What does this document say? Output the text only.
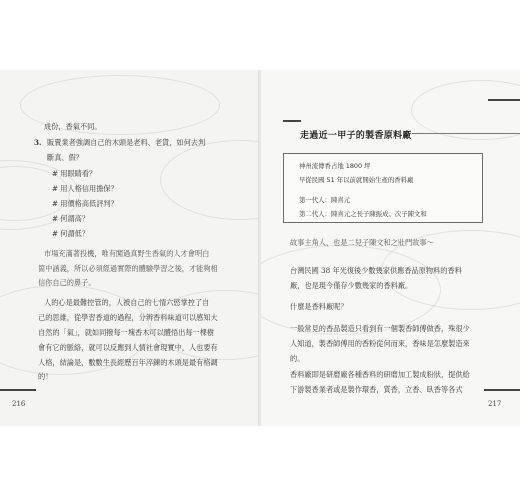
成份，香氣不同。
3. 販賣業者強調自己的木頭是老料、老貨，如何去判
斷真、假？
# 用眼睛看？
# 用人格信用擔保？
# 用價格高低評判？
# 何謂高？
# 何謂低？
市場充滿著投機，唯有闖過真野生香氣的人才會明白
箇中涵義，所以必須經過實際的體驗學習之後，才能夠相
信你自己的鼻子。
人的心是最難控管的，人被自己的七情六慾掌控了自
己的思維，從學習香道的過程，分辨香料味道可以感知大
自然的「氣」，就如同撥每一塊香木可以體悟出每一棵樹
會有它的脈絡，就可以反應到人情社會現實中，人也要有
人格，結論是，數數生長經歷百年淬鍊的木頭是最有格調
的！
216
走過近一甲子的製香原料廠
神州流傳香占地 1800 坪
早從民國 51 年以前就開始生產的香料廠
第一代人：陳喜元
第二代人：陳喜元之長子陳振成；次子陳文和
故事主角人，也是二兒子陳文和之壯門故事～
台灣民國 38 年光復後少數幾家供應香品原物料的香料
廠，也是現今僅存少數幾家的香料廠。
什麼是香料廠呢？
一般常見的香品製造只看到有一個製香師傅做香，殊很少
人知道，製香師傅用的香粉從何而來，香味是怎麼製造來
的。
香料廠即是研磨廠各種香料的研磨加工製成粉狀，提供給
下游製香業者或是製作環香，質香，立香、臥香等各式
217
